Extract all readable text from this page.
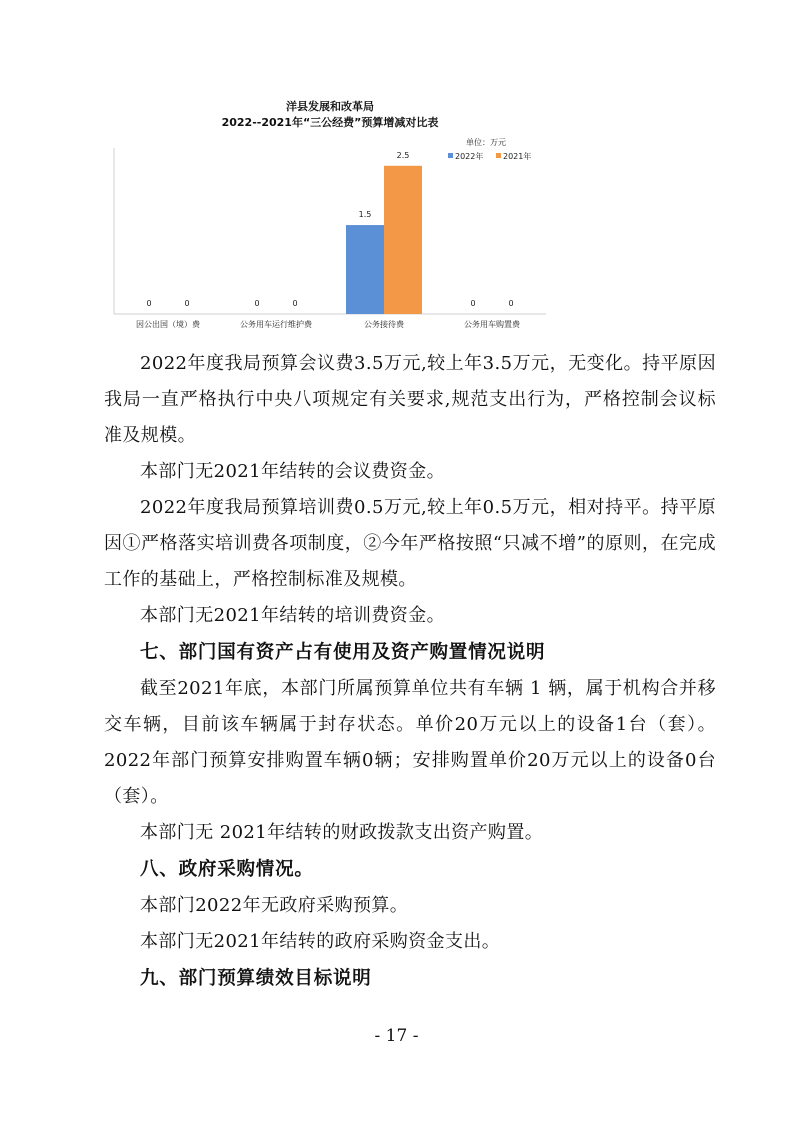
洋县发展和改革局
2022--2021年“三公经费”预算增减对比表
单位：万元
2022年 2021年
0	0	0	0
1.5
2.5
0	0
因公出国（境）费	公务用车运行维护费	公务接待费	公务用车购置费

2022年度我局预算会议费3.5万元,较上年3.5万元，无变化。持平原因我局一直严格执行中央八项规定有关要求,规范支出行为，严格控制会议标准及规模。

本部门无2021年结转的会议费资金。

2022年度我局预算培训费0.5万元,较上年0.5万元，相对持平。持平原因①严格落实培训费各项制度，②今年严格按照“只减不增”的原则，在完成工作的基础上，严格控制标准及规模。

本部门无2021年结转的培训费资金。

七、部门国有资产占有使用及资产购置情况说明

截至2021年底，本部门所属预算单位共有车辆 1 辆，属于机构合并移交车辆，目前该车辆属于封存状态。单价20万元以上的设备1台（套）。2022年部门预算安排购置车辆0辆；安排购置单价20万元以上的设备0台（套）。

本部门无 2021年结转的财政拨款支出资产购置。

八、政府采购情况。

本部门2022年无政府采购预算。

本部门无2021年结转的政府采购资金支出。

九、部门预算绩效目标说明

- 17 -
